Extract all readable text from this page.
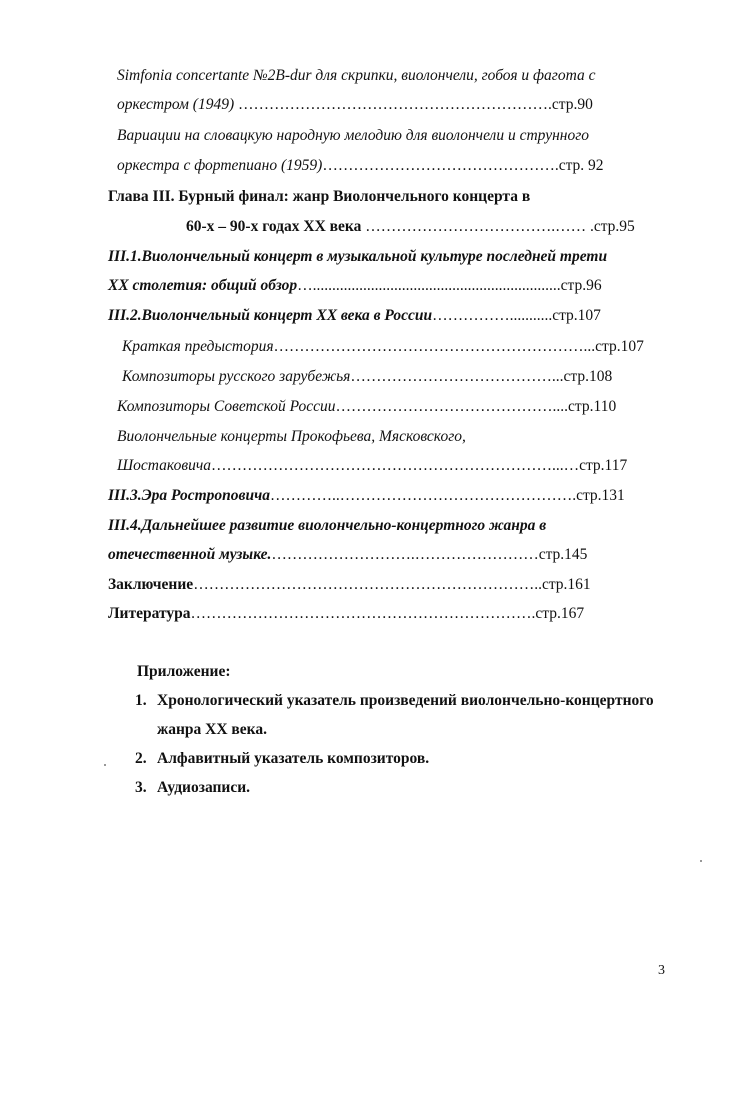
Simfonia concertante №2B-dur для скрипки, виолончели, гобоя и фагота с
оркестром (1949) …………………………………………………….стр.90
Вариации на словацкую народную мелодию для виолончели и струнного
оркестра с фортепиано (1959)……………………………………….стр. 92
Глава III. Бурный финал: жанр Виолончельного концерта в
60-х – 90-х годах XX века ……………………………….…… .стр.95
III.1.Виолончельный концерт в музыкальной культуре последней трети
XX столетия: общий обзор…................................................................стр.96
III.2.Виолончельный концерт XX века в России……………...........стр.107
Краткая предыстория……………………………………………………...стр.107
Композиторы русского зарубежья…………………………………...стр.108
Композиторы Советской России……………………………………....стр.110
Виолончельные концерты Прокофьева, Мясковского,
Шостаковича…………………………………………………………...…стр.117
III.3.Эра Ростроповича…………..……………………………………….стр.131
III.4.Дальнейшее развитие виолончельно-концертного жанра в
отечественной музыке.……………………….……………………стр.145
Заключение…………………………………………………………..стр.161
Литература………………………………………………………….стр.167
Приложение:
1. Хронологический указатель произведений виолончельно-концертного
жанра XX века.
2. Алфавитный указатель композиторов.
3. Аудиозаписи.
3
